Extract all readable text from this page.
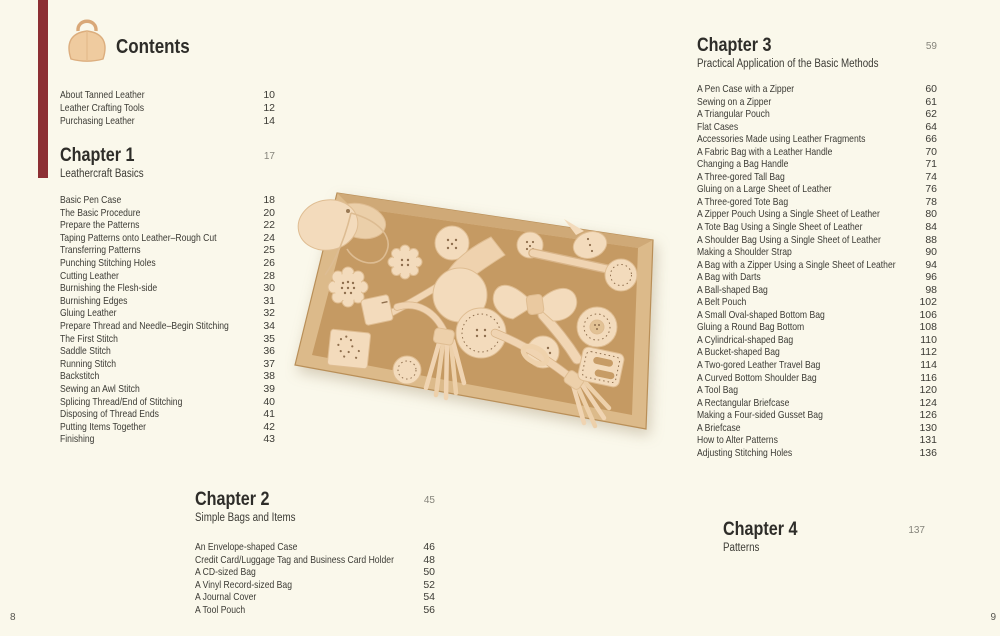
Contents
About Tanned Leather	10
Leather Crafting Tools	12
Purchasing Leather	14
Chapter 1	17
Leathercraft Basics
Basic Pen Case	18
The Basic Procedure	20
Prepare the Patterns	22
Taping Patterns onto Leather–Rough Cut	24
Transferring Patterns	25
Punching Stitching Holes	26
Cutting Leather	28
Burnishing the Flesh-side	30
Burnishing Edges	31
Gluing Leather	32
Prepare Thread and Needle–Begin Stitching	34
The First Stitch	35
Saddle Stitch	36
Running Stitch	37
Backstitch	38
Sewing an Awl Stitch	39
Splicing Thread/End of Stitching	40
Disposing of Thread Ends	41
Putting Items Together	42
Finishing	43
Chapter 2	45
Simple Bags and Items
An Envelope-shaped Case	46
Credit Card/Luggage Tag and Business Card Holder	48
A CD-sized Bag	50
A Vinyl Record-sized Bag	52
A Journal Cover	54
A Tool Pouch	56
Chapter 3	59
Practical Application of the Basic Methods
A Pen Case with a Zipper	60
Sewing on a Zipper	61
A Triangular Pouch	62
Flat Cases	64
Accessories Made using Leather Fragments	66
A Fabric Bag with a Leather Handle	70
Changing a Bag Handle	71
A Three-gored Tall Bag	74
Gluing on a Large Sheet of Leather	76
A Three-gored Tote Bag	78
A Zipper Pouch Using a Single Sheet of Leather	80
A Tote Bag Using a Single Sheet of Leather	84
A Shoulder Bag Using a Single Sheet of Leather	88
Making a Shoulder Strap	90
A Bag with a Zipper Using a Single Sheet of Leather	94
A Bag with Darts	96
A Ball-shaped Bag	98
A Belt Pouch	102
A Small Oval-shaped Bottom Bag	106
Gluing a Round Bag Bottom	108
A Cylindrical-shaped Bag	110
A Bucket-shaped Bag	112
A Two-gored Leather Travel Bag	114
A Curved Bottom Shoulder Bag	116
A Tool Bag	120
A Rectangular Briefcase	124
Making a Four-sided Gusset Bag	126
A Briefcase	130
How to Alter Patterns	131
Adjusting Stitching Holes	136
Chapter 4	137
Patterns
8	9
